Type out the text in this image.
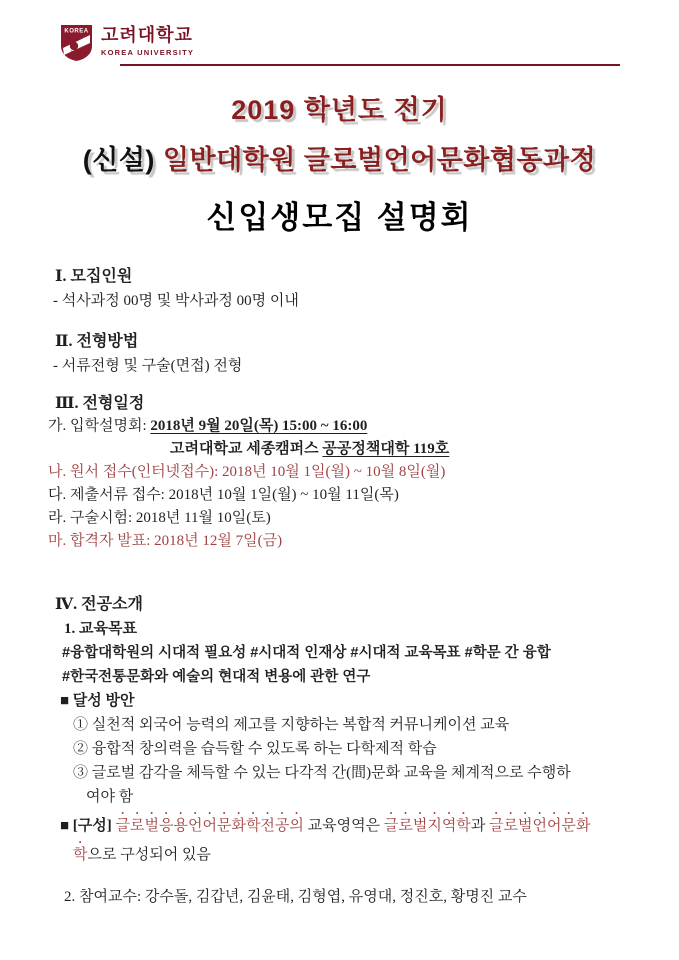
KOREA 고려대학교
KOREA UNIVERSITY
2019 학년도 전기
(신설) 일반대학원 글로벌언어문화협동과정
신입생모집 설명회
Ⅰ. 모집인원
- 석사과정 00명 및 박사과정 00명 이내
Ⅱ. 전형방법
- 서류전형 및 구술(면접) 전형
Ⅲ. 전형일정
가. 입학설명회: 2018년 9월 20일(목) 15:00 ~ 16:00
고려대학교 세종캠퍼스 공공정책대학 119호
나. 원서 접수(인터넷접수): 2018년 10월 1일(월) ~ 10월 8일(월)
다. 제출서류 접수: 2018년 10월 1일(월) ~ 10월 11일(목)
라. 구술시험: 2018년 11월 10일(토)
마. 합격자 발표: 2018년 12월 7일(금)
Ⅳ. 전공소개
1. 교육목표
#융합대학원의 시대적 필요성 #시대적 인재상 #시대적 교육목표 #학문 간 융합
#한국전통문화와 예술의 현대적 변용에 관한 연구
■ 달성 방안
① 실천적 외국어 능력의 제고를 지향하는 복합적 커뮤니케이션 교육
② 융합적 창의력을 습득할 수 있도록 하는 다학제적 학습
③ 글로벌 감각을 체득할 수 있는 다각적 간(間)문화 교육을 체계적으로 수행하
여야 함
■ [구성] 글로벌응용언어문화학전공의 교육영역은 글로벌지역학과 글로벌언어문화
학으로 구성되어 있음
2. 참여교수: 강수돌, 김갑년, 김윤태, 김형엽, 유영대, 정진호, 황명진 교수
